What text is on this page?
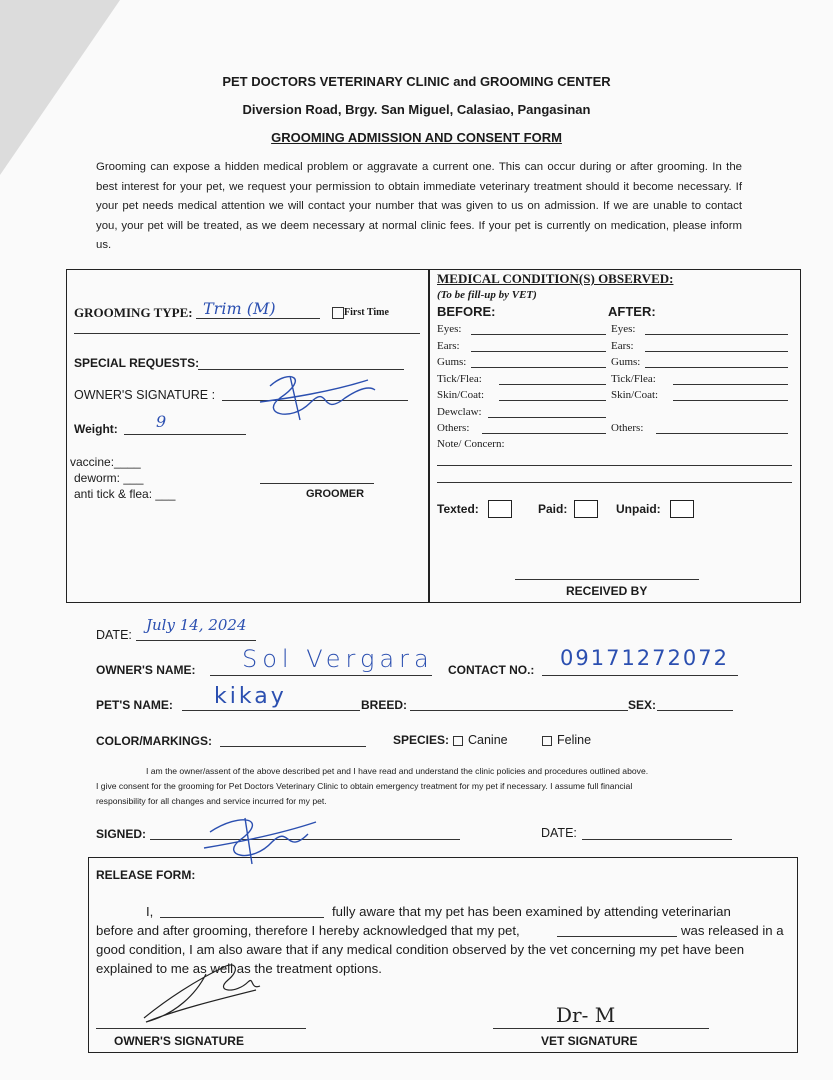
PET DOCTORS VETERINARY CLINIC and GROOMING CENTER
Diversion Road, Brgy. San Miguel, Calasiao, Pangasinan
GROOMING ADMISSION AND CONSENT FORM
Grooming can expose a hidden medical problem or aggravate a current one. This can occur during or after grooming. In the best interest for your pet, we request your permission to obtain immediate veterinary treatment should it become necessary. If your pet needs medical attention we will contact your number that was given to us on admission. If we are unable to contact you, your pet will be treated, as we deem necessary at normal clinic fees. If your pet is currently on medication, please inform us.
GROOMING TYPE: Trim (M)	First Time
SPECIAL REQUESTS:
OWNER'S SIGNATURE :
Weight: 9
vaccine:____
deworm: ___
anti tick & flea: ___	GROOMER
MEDICAL CONDITION(S) OBSERVED:
(To be fill-up by VET)
BEFORE:	AFTER:
Eyes:	Eyes:
Ears:	Ears:
Gums:	Gums:
Tick/Flea:	Tick/Flea:
Skin/Coat:	Skin/Coat:
Dewclaw:
Others:	Others:
Note/ Concern:
Texted:	Paid:	Unpaid:
RECEIVED BY
DATE:
July 14, 2024
OWNER'S NAME: Sol Vergara CONTACT NO.: 09171272072
PET'S NAME: kikay	BREED:	SEX:
COLOR/MARKINGS:	SPECIES:	Canine	Feline
I am the owner/assent of the above described pet and I have read and understand the clinic policies and procedures outlined above.
I give consent for the grooming for Pet Doctors Veterinary Clinic to obtain emergency treatment for my pet if necessary. I assume full financial
responsibility for all changes and service incurred for my pet.
SIGNED:	DATE:
RELEASE FORM:
I,	fully aware that my pet has been examined by attending veterinarian
before and after grooming, therefore I hereby acknowledged that my pet,	was released in a
good condition, I am also aware that if any medical condition observed by the vet concerning my pet have been
explained to me as well as the treatment options.
OWNER'S SIGNATURE	VET SIGNATURE
Dr- M
